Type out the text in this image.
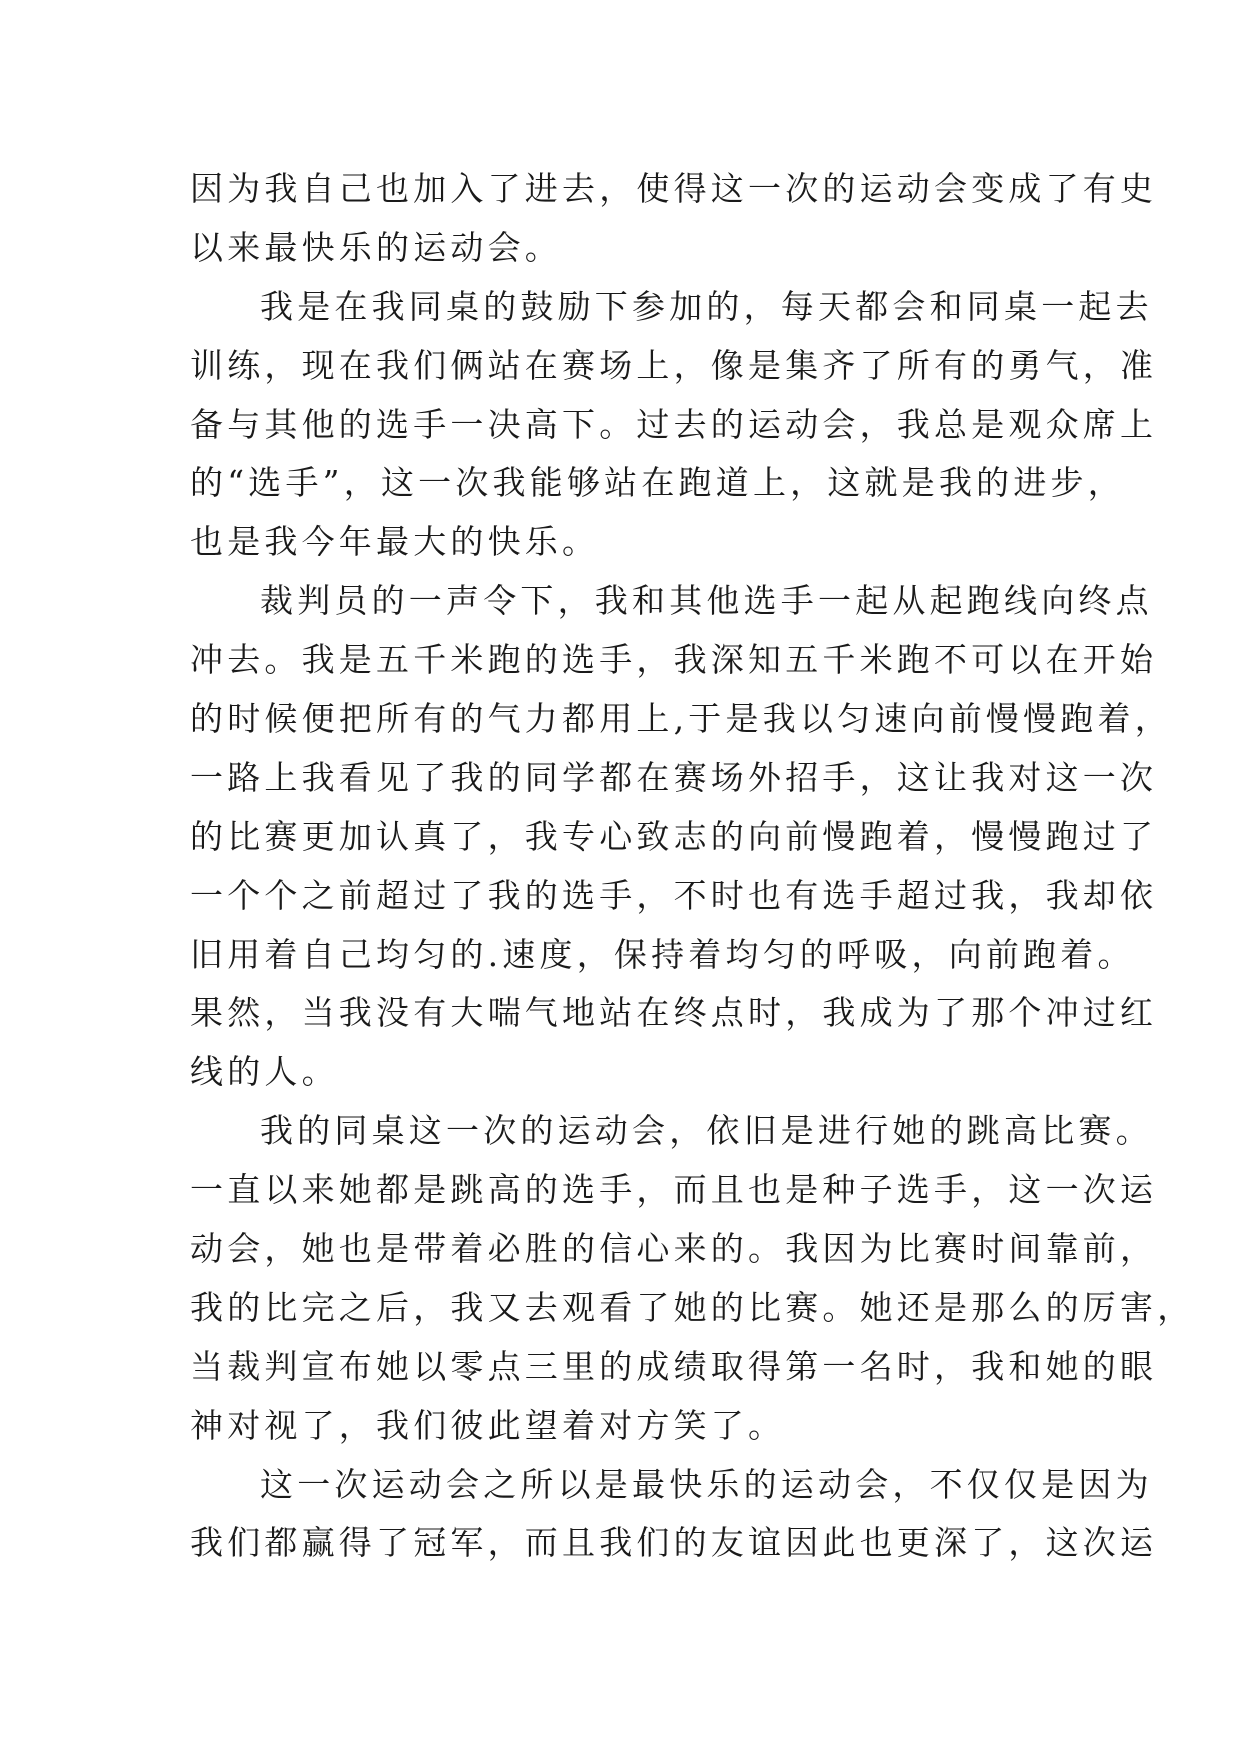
因为我自己也加入了进去，使得这一次的运动会变成了有史
以来最快乐的运动会。
我是在我同桌的鼓励下参加的，每天都会和同桌一起去
训练，现在我们俩站在赛场上，像是集齐了所有的勇气，准
备与其他的选手一决高下。过去的运动会，我总是观众席上
的“选手”，这一次我能够站在跑道上，这就是我的进步，
也是我今年最大的快乐。
裁判员的一声令下，我和其他选手一起从起跑线向终点
冲去。我是五千米跑的选手，我深知五千米跑不可以在开始
的时候便把所有的气力都用上,于是我以匀速向前慢慢跑着，
一路上我看见了我的同学都在赛场外招手，这让我对这一次
的比赛更加认真了，我专心致志的向前慢跑着，慢慢跑过了
一个个之前超过了我的选手，不时也有选手超过我，我却依
旧用着自己均匀的.速度，保持着均匀的呼吸，向前跑着。
果然，当我没有大喘气地站在终点时，我成为了那个冲过红
线的人。
我的同桌这一次的运动会，依旧是进行她的跳高比赛。
一直以来她都是跳高的选手，而且也是种子选手，这一次运
动会，她也是带着必胜的信心来的。我因为比赛时间靠前，
我的比完之后，我又去观看了她的比赛。她还是那么的厉害，
当裁判宣布她以零点三里的成绩取得第一名时，我和她的眼
神对视了，我们彼此望着对方笑了。
这一次运动会之所以是最快乐的运动会，不仅仅是因为
我们都赢得了冠军，而且我们的友谊因此也更深了，这次运
